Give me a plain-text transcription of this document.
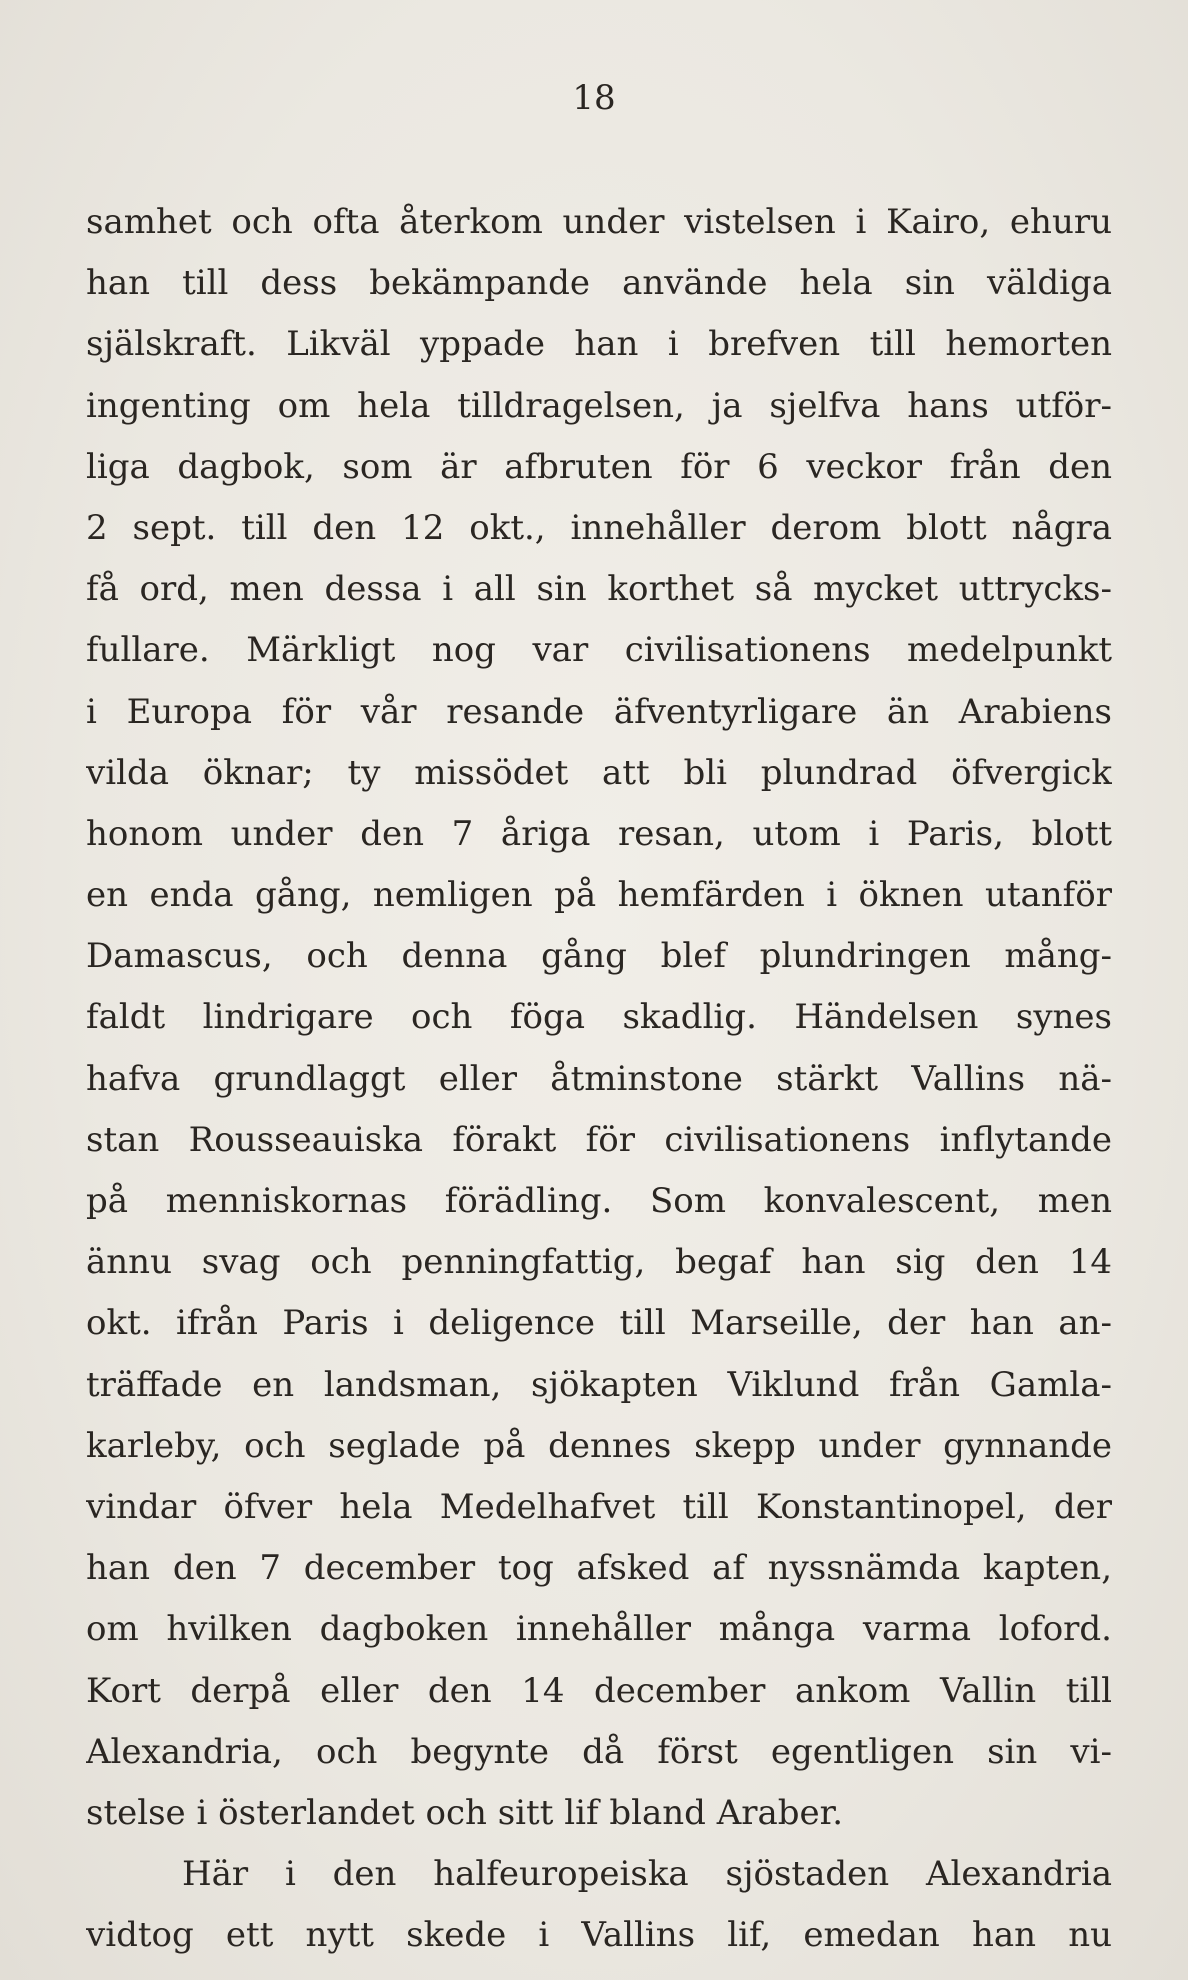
18
samhet och ofta återkom under vistelsen i Kairo, ehuru
han till dess bekämpande använde hela sin väldiga
själskraft. Likväl yppade han i brefven till hemorten
ingenting om hela tilldragelsen, ja sjelfva hans utför-
liga dagbok, som är afbruten för 6 veckor från den
2 sept. till den 12 okt., innehåller derom blott några
få ord, men dessa i all sin korthet så mycket uttrycks-
fullare. Märkligt nog var civilisationens medelpunkt
i Europa för vår resande äfventyrligare än Arabiens
vilda öknar; ty missödet att bli plundrad öfvergick
honom under den 7 åriga resan, utom i Paris, blott
en enda gång, nemligen på hemfärden i öknen utanför
Damascus, och denna gång blef plundringen mång-
faldt lindrigare och föga skadlig. Händelsen synes
hafva grundlaggt eller åtminstone stärkt Vallins nä-
stan Rousseauiska förakt för civilisationens inflytande
på menniskornas förädling. Som konvalescent, men
ännu svag och penningfattig, begaf han sig den 14
okt. ifrån Paris i deligence till Marseille, der han an-
träffade en landsman, sjökapten Viklund från Gamla-
karleby, och seglade på dennes skepp under gynnande
vindar öfver hela Medelhafvet till Konstantinopel, der
han den 7 december tog afsked af nyssnämda kapten,
om hvilken dagboken innehåller många varma loford.
Kort derpå eller den 14 december ankom Vallin till
Alexandria, och begynte då först egentligen sin vi-
stelse i österlandet och sitt lif bland Araber.
Här i den halfeuropeiska sjöstaden Alexandria
vidtog ett nytt skede i Vallins lif, emedan han nu
